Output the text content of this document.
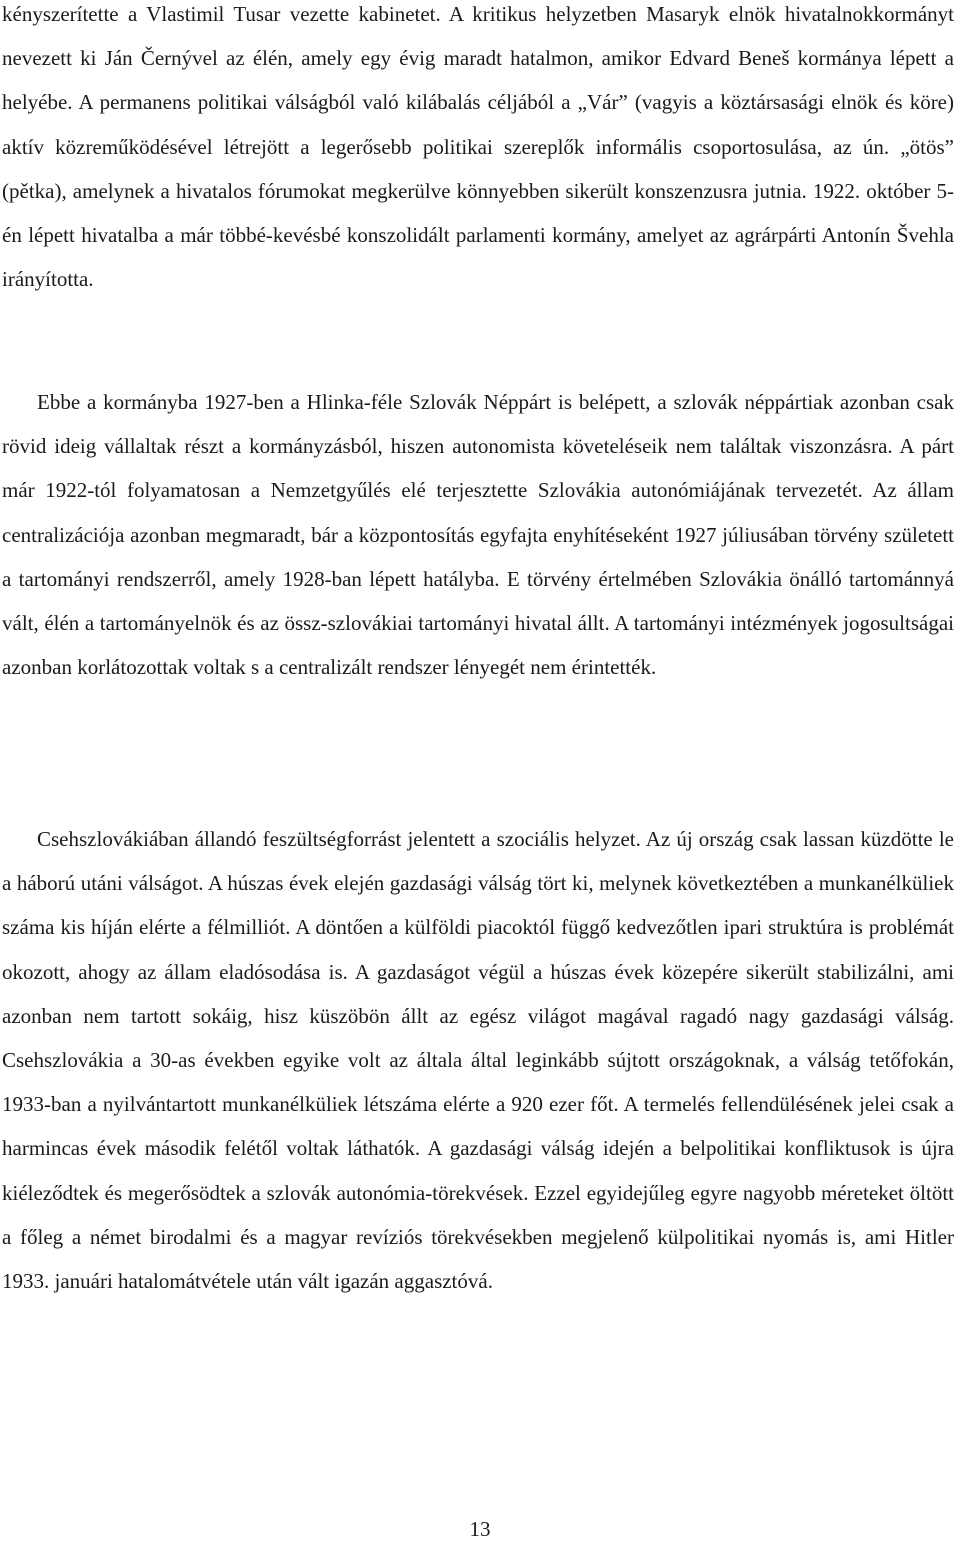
kényszerítette a Vlastimil Tusar vezette kabinetet. A kritikus helyzetben Masaryk elnök hivatalnokkormányt nevezett ki Ján Černývel az élén, amely egy évig maradt hatalmon, amikor Edvard Beneš kormánya lépett a helyébe. A permanens politikai válságból való kilábalás céljából a „Vár” (vagyis a köztársasági elnök és köre) aktív közreműködésével létrejött a legerősebb politikai szereplők informális csoportosulása, az ún. „ötös” (pětka), amelynek a hivatalos fórumokat megkerülve könnyebben sikerült konszenzusra jutnia. 1922. október 5-én lépett hivatalba a már többé-kevésbé konszolidált parlamenti kormány, amelyet az agrárpárti Antonín Švehla irányította.

Ebbe a kormányba 1927-ben a Hlinka-féle Szlovák Néppárt is belépett, a szlovák néppártiak azonban csak rövid ideig vállaltak részt a kormányzásból, hiszen autonomista követeléseik nem találtak viszonzásra. A párt már 1922-tól folyamatosan a Nemzetgyűlés elé terjesztette Szlovákia autonómiájának tervezetét. Az állam centralizációja azonban megmaradt, bár a központosítás egyfajta enyhítéseként 1927 júliusában törvény született a tartományi rendszerről, amely 1928-ban lépett hatályba. E törvény értelmében Szlovákia önálló tartománnyá vált, élén a tartományelnök és az össz-szlovákiai tartományi hivatal állt. A tartományi intézmények jogosultságai azonban korlátozottak voltak s a centralizált rendszer lényegét nem érintették.

Csehszlovákiában állandó feszültségforrást jelentett a szociális helyzet. Az új ország csak lassan küzdötte le a háború utáni válságot. A húszas évek elején gazdasági válság tört ki, melynek következtében a munkanélküliek száma kis híján elérte a félmilliót. A döntően a külföldi piacoktól függő kedvezőtlen ipari struktúra is problémát okozott, ahogy az állam eladósodása is. A gazdaságot végül a húszas évek közepére sikerült stabilizálni, ami azonban nem tartott sokáig, hisz küszöbön állt az egész világot magával ragadó nagy gazdasági válság. Csehszlovákia a 30-as években egyike volt az általa által leginkább sújtott országoknak, a válság tetőfokán, 1933-ban a nyilvántartott munkanélküliek létszáma elérte a 920 ezer főt. A termelés fellendülésének jelei csak a harmincas évek második felétől voltak láthatók. A gazdasági válság idején a belpolitikai konfliktusok is újra kiéleződtek és megerősödtek a szlovák autonómia-törekvések. Ezzel egyidejűleg egyre nagyobb méreteket öltött a főleg a német birodalmi és a magyar revíziós törekvésekben megjelenő külpolitikai nyomás is, ami Hitler 1933. januári hatalomátvétele után vált igazán aggasztóvá.

13
